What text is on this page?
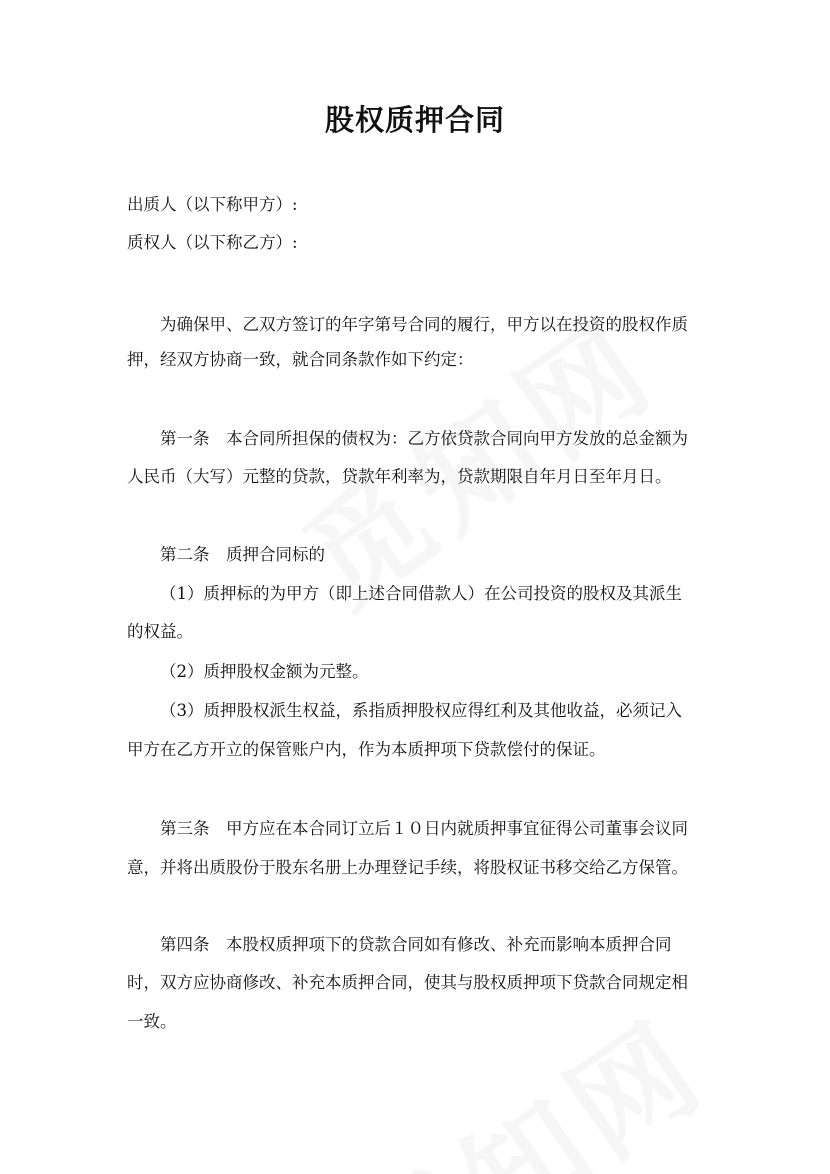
股权质押合同
出质人（以下称甲方）:
质权人（以下称乙方）:
为确保甲、乙双方签订的年字第号合同的履行，甲方以在投资的股权作质
押，经双方协商一致，就合同条款作如下约定：
第一条　本合同所担保的债权为：乙方依贷款合同向甲方发放的总金额为
人民币（大写）元整的贷款，贷款年利率为，贷款期限自年月日至年月日。
第二条　质押合同标的
（1）质押标的为甲方（即上述合同借款人）在公司投资的股权及其派生
的权益。
（2）质押股权金额为元整。
（3）质押股权派生权益，系指质押股权应得红利及其他收益，必须记入
甲方在乙方开立的保管账户内，作为本质押项下贷款偿付的保证。
第三条　甲方应在本合同订立后１０日内就质押事宜征得公司董事会议同
意，并将出质股份于股东名册上办理登记手续，将股权证书移交给乙方保管。
第四条　本股权质押项下的贷款合同如有修改、补充而影响本质押合同
时，双方应协商修改、补充本质押合同，使其与股权质押项下贷款合同规定相
一致。
